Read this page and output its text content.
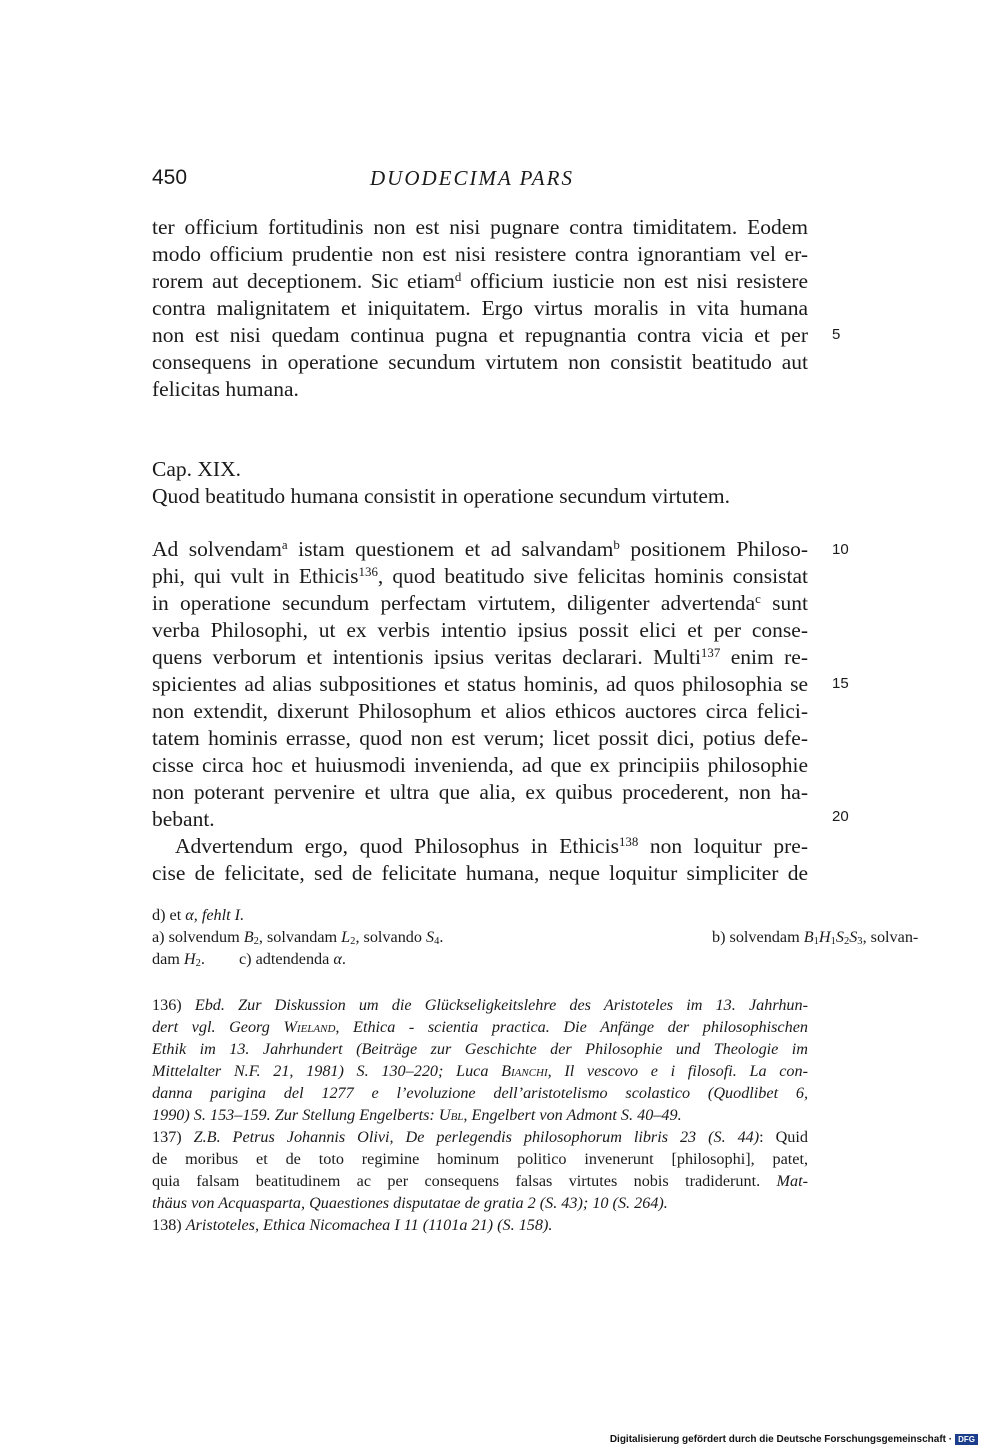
450	DUODECIMA PARS
ter officium fortitudinis non est nisi pugnare contra timiditatem. Eodem
modo officium prudentie non est nisi resistere contra ignorantiam vel er-
rorem aut deceptionem. Sic etiam$^d$ officium iusticie non est nisi resistere
contra malignitatem et iniquitatem. Ergo virtus moralis in vita humana
non est nisi quedam continua pugna et repugnantia contra vicia et per 5
consequens in operatione secundum virtutem non consistit beatitudo aut
felicitas humana.
Cap. XIX.
Quod beatitudo humana consistit in operatione secundum virtutem.
Ad solvendam$^a$ istam questionem et ad salvandam$^b$ positionem Philoso- 10
phi, qui vult in Ethicis$^{136}$, quod beatitudo sive felicitas hominis consistat
in operatione secundum perfectam virtutem, diligenter advertenda$^c$ sunt
verba Philosophi, ut ex verbis intentio ipsius possit elici et per conse-
quens verborum et intentionis ipsius veritas declarari. Multi$^{137}$ enim re-
spicientes ad alias subpositiones et status hominis, ad quos philosophia se 15
non extendit, dixerunt Philosophum et alios ethicos auctores circa felici-
tatem hominis errasse, quod non est verum; licet possit dici, potius defe-
cisse circa hoc et huiusmodi invenienda, ad que ex principiis philosophie
non poterant pervenire et ultra que alia, ex quibus procederent, non ha-
bebant.	20
Advertendum ergo, quod Philosophus in Ethicis$^{138}$ non loquitur pre-
cise de felicitate, sed de felicitate humana, neque loquitur simpliciter de
d) et α, fehlt I.
a) solvendum $B_2$, solvandam $L_2$, solvando $S_4$.	b) solvendam $B_1H_1S_2S_3$, solvan-
dam $H_2$. c) adtendenda α.
136) Ebd. Zur Diskussion um die Glückseligkeitslehre des Aristoteles im 13. Jahrhun-
dert vgl. Georg Wieland, Ethica - scientia practica. Die Anfänge der philosophischen
Ethik im 13. Jahrhundert (Beiträge zur Geschichte der Philosophie und Theologie im
Mittelalter N.F. 21, 1981) S. 130–220; Luca Bianchi, Il vescovo e i filosofi. La con-
danna parigina del 1277 e l’evoluzione dell’aristotelismo scolastico (Quodlibet 6,
1990) S. 153–159. Zur Stellung Engelberts: Ubl, Engelbert von Admont S. 40–49.
137) Z.B. Petrus Johannis Olivi, De perlegendis philosophorum libris 23 (S. 44): Quid
de moribus et de toto regimine hominum politico invenerunt [philosophi], patet,
quia falsam beatitudinem ac per consequens falsas virtutes nobis tradiderunt. Mat-
thäus von Acquasparta, Quaestiones disputatae de gratia 2 (S. 43); 10 (S. 264).
138) Aristoteles, Ethica Nicomachea I 11 (1101a 21) (S. 158).
Digitalisierung gefördert durch die Deutsche Forschungsgemeinschaft · DFG
